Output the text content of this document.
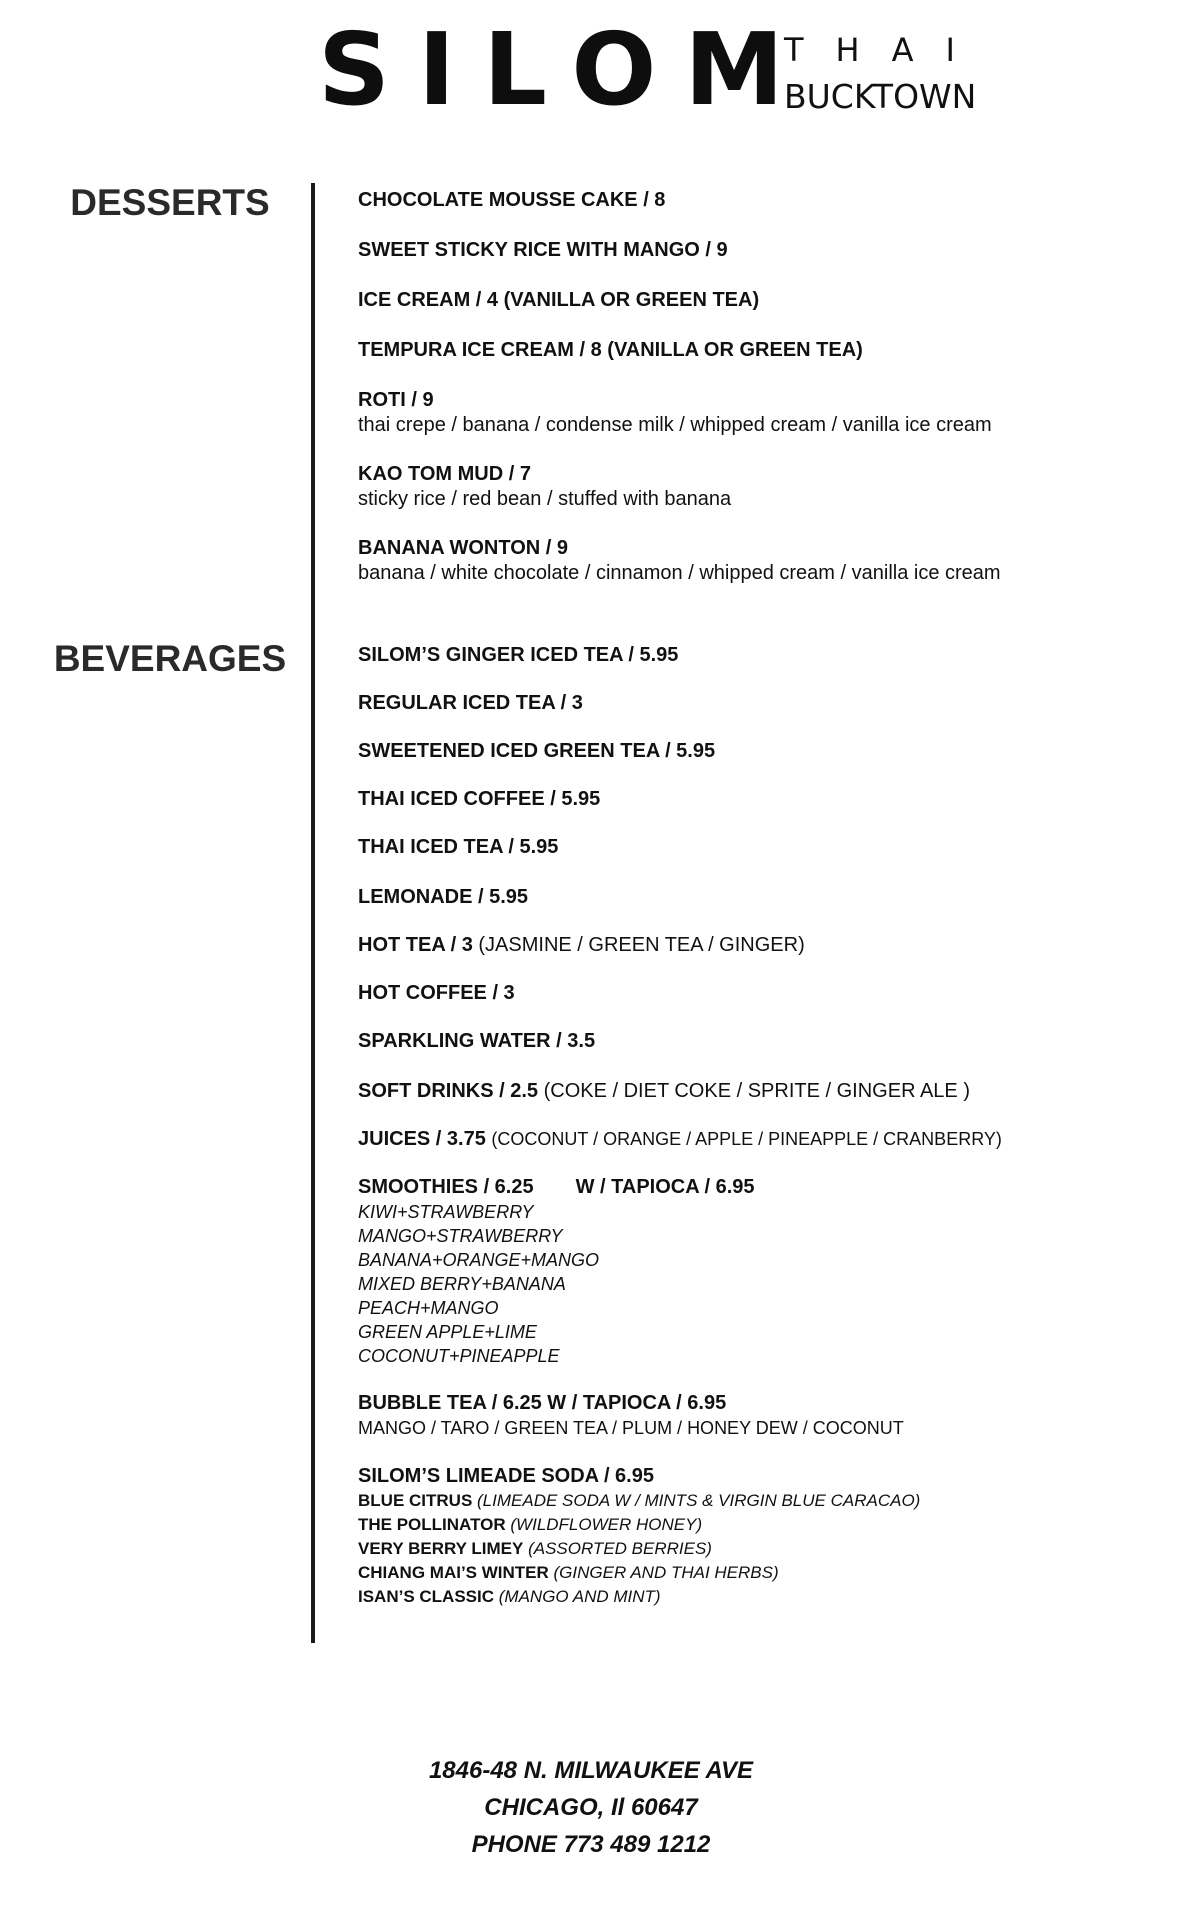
SILOM
THAI
BUCKTOWN
DESSERTS	CHOCOLATE MOUSSE CAKE / 8
SWEET STICKY RICE WITH MANGO / 9
ICE CREAM / 4 (VANILLA OR GREEN TEA)
TEMPURA ICE CREAM / 8 (VANILLA OR GREEN TEA)
ROTI / 9
thai crepe / banana / condense milk / whipped cream / vanilla ice cream
KAO TOM MUD / 7
sticky rice / red bean / stuffed with banana
BANANA WONTON / 9
banana / white chocolate / cinnamon / whipped cream / vanilla ice cream
BEVERAGES	SILOM’S GINGER ICED TEA / 5.95
REGULAR ICED TEA / 3
SWEETENED ICED GREEN TEA / 5.95
THAI ICED COFFEE / 5.95
THAI ICED TEA / 5.95
LEMONADE / 5.95
HOT TEA / 3 (JASMINE / GREEN TEA / GINGER)
HOT COFFEE / 3
SPARKLING WATER / 3.5
SOFT DRINKS / 2.5 (COKE / DIET COKE / SPRITE / GINGER ALE )
JUICES / 3.75 (COCONUT / ORANGE / APPLE / PINEAPPLE / CRANBERRY)
SMOOTHIES / 6.25 W / TAPIOCA / 6.95
KIWI+STRAWBERRY
MANGO+STRAWBERRY
BANANA+ORANGE+MANGO
MIXED BERRY+BANANA
PEACH+MANGO
GREEN APPLE+LIME
COCONUT+PINEAPPLE
BUBBLE TEA / 6.25 W / TAPIOCA / 6.95
MANGO / TARO / GREEN TEA / PLUM / HONEY DEW / COCONUT
SILOM’S LIMEADE SODA / 6.95
BLUE CITRUS (LIMEADE SODA W / MINTS & VIRGIN BLUE CARACAO)
THE POLLINATOR (WILDFLOWER HONEY)
VERY BERRY LIMEY (ASSORTED BERRIES)
CHIANG MAI’S WINTER (GINGER AND THAI HERBS)
ISAN’S CLASSIC (MANGO AND MINT)
1846-48 N. MILWAUKEE AVE
CHICAGO, Il 60647
PHONE 773 489 1212
